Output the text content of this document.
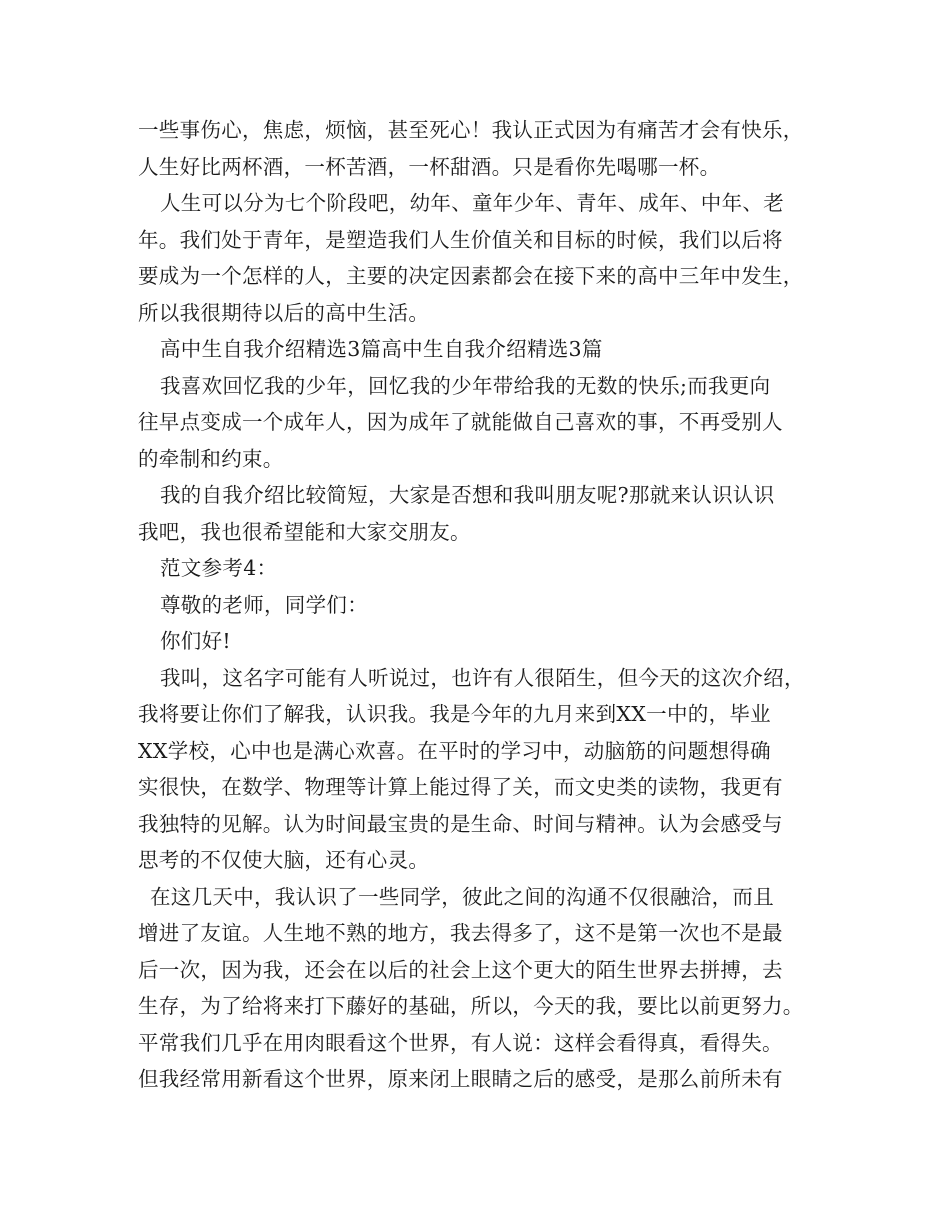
一些事伤心，焦虑，烦恼，甚至死心！我认正式因为有痛苦才会有快乐，
人生好比两杯酒，一杯苦酒，一杯甜酒。只是看你先喝哪一杯。
人生可以分为七个阶段吧，幼年、童年少年、青年、成年、中年、老
年。我们处于青年，是塑造我们人生价值关和目标的时候，我们以后将
要成为一个怎样的人，主要的决定因素都会在接下来的高中三年中发生，
所以我很期待以后的高中生活。
高中生自我介绍精选3篇高中生自我介绍精选3篇
我喜欢回忆我的少年，回忆我的少年带给我的无数的快乐;而我更向
往早点变成一个成年人，因为成年了就能做自己喜欢的事，不再受别人
的牵制和约束。
我的自我介绍比较简短，大家是否想和我叫朋友呢?那就来认识认识
我吧，我也很希望能和大家交朋友。
范文参考4：
尊敬的老师，同学们：
你们好!
我叫，这名字可能有人听说过，也许有人很陌生，但今天的这次介绍，
我将要让你们了解我，认识我。我是今年的九月来到XX一中的，毕业
XX学校，心中也是满心欢喜。在平时的学习中，动脑筋的问题想得确
实很快，在数学、物理等计算上能过得了关，而文史类的读物，我更有
我独特的见解。认为时间最宝贵的是生命、时间与精神。认为会感受与
思考的不仅使大脑，还有心灵。
在这几天中，我认识了一些同学，彼此之间的沟通不仅很融洽，而且
增进了友谊。人生地不熟的地方，我去得多了，这不是第一次也不是最
后一次，因为我，还会在以后的社会上这个更大的陌生世界去拼搏，去
生存，为了给将来打下藤好的基础，所以，今天的我，要比以前更努力。
平常我们几乎在用肉眼看这个世界，有人说：这样会看得真，看得失。
但我经常用新看这个世界，原来闭上眼睛之后的感受，是那么前所未有
